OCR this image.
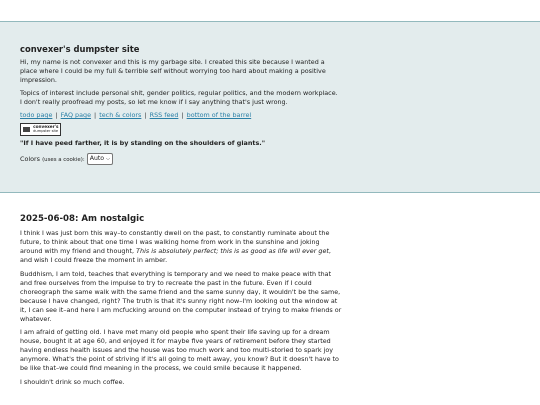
convexer's dumpster site

Hi, my name is not convexer and this is my garbage site. I created this site because I wanted a place where I could be my full & terrible self without worrying too hard about making a positive impression.

Topics of interest include personal shit, gender politics, regular politics, and the modern workplace. I don't really proofread my posts, so let me know if I say anything that's just wrong.

todo page | FAQ page | tech & colors | RSS feed | bottom of the barrel

convexer's
dumpster site
"If I have peed farther, it is by standing on the shoulders of giants."
Colors (uses a cookie): Auto ⌵
2025-06-08: Am nostalgic

I think I was just born this way–to constantly dwell on the past, to constantly ruminate about the future, to think about that one time I was walking home from work in the sunshine and joking around with my friend and thought, This is absolutely perfect; this is as good as life will ever get, and wish I could freeze the moment in amber.

Buddhism, I am told, teaches that everything is temporary and we need to make peace with that and free ourselves from the impulse to try to recreate the past in the future. Even if I could choreograph the same walk with the same friend and the same sunny day, it wouldn't be the same, because I have changed, right? The truth is that it's sunny right now–I'm looking out the window at it, I can see it–and here I am mcfucking around on the computer instead of trying to make friends or whatever.

I am afraid of getting old. I have met many old people who spent their life saving up for a dream house, bought it at age 60, and enjoyed it for maybe five years of retirement before they started having endless health issues and the house was too much work and too multi-storied to spark joy anymore. What's the point of striving if it's all going to melt away, you know? But it doesn't have to be like that–we could find meaning in the process, we could smile because it happened.

I shouldn't drink so much coffee.
